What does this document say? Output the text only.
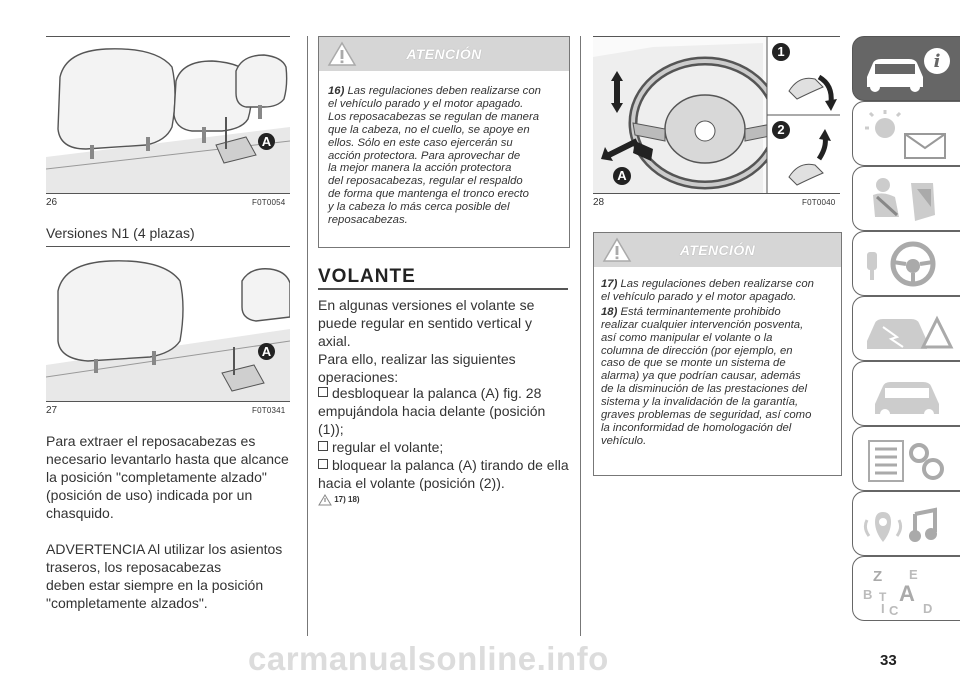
A
26	F0T0054
Versiones N1 (4 plazas)
A
27	F0T0341
Para extraer el reposacabezas es
necesario levantarlo hasta que alcance
la posición "completamente alzado"
(posición de uso) indicada por un
chasquido.
ADVERTENCIA Al utilizar los asientos
traseros, los reposacabezas
deben estar siempre en la posición
"completamente alzados".
ATENCIÓN

16) Las regulaciones deben realizarse con
el vehículo parado y el motor apagado.
Los reposacabezas se regulan de manera
que la cabeza, no el cuello, se apoye en
ellos. Sólo en este caso ejercerán su
acción protectora. Para aprovechar de
la mejor manera la acción protectora
del reposacabezas, regular el respaldo
de forma que mantenga el tronco erecto
y la cabeza lo más cerca posible del
reposacabezas.

VOLANTE
En algunas versiones el volante se
puede regular en sentido vertical y
axial.
Para ello, realizar las siguientes
operaciones:
desbloquear la palanca (A) fig. 28
empujándola hacia delante (posición
(1));
regular el volante;
bloquear la palanca (A) tirando de ella
hacia el volante (posición (2)).
17) 18)
1
2
A
28	F0T0040
ATENCIÓN

17) Las regulaciones deben realizarse con
el vehículo parado y el motor apagado.

18) Está terminantemente prohibido
realizar cualquier intervención posventa,
así como manipular el volante o la
columna de dirección (por ejemplo, en
caso de que se monte un sistema de
alarma) ya que podrían causar, además
de la disminución de las prestaciones del
sistema y la invalidación de la garantía,
graves problemas de seguridad, así como
la inconformidad de homologación del
vehículo.

i
Z E
B A
I C
T
D
carmanualsonline.info	33
